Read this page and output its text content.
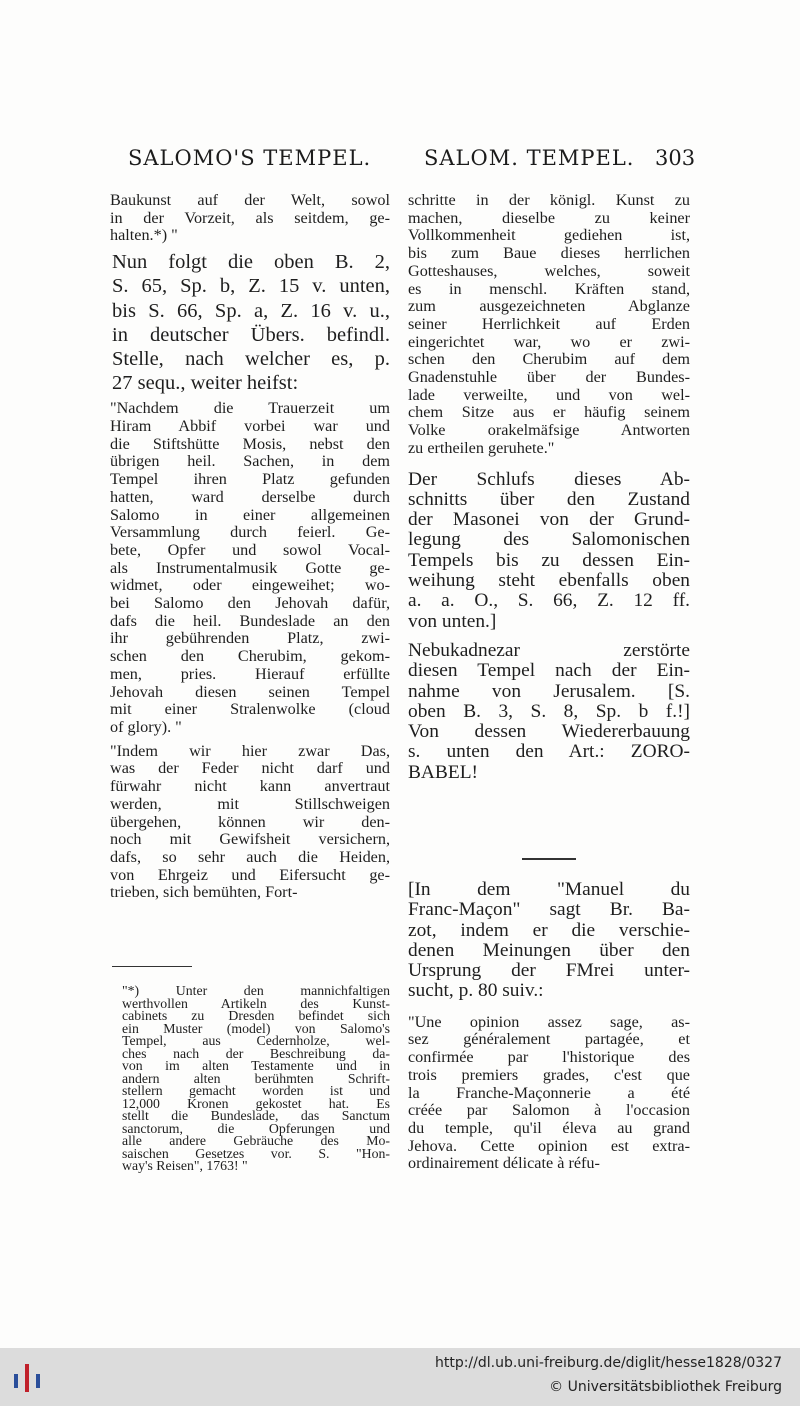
SALOMO'S TEMPEL.	SALOM. TEMPEL. 303
Baukunst auf der Welt, sowol
in der Vorzeit, als seitdem, ge-
halten.*) "
Nun folgt die oben B. 2,
S. 65, Sp. b, Z. 15 v. unten,
bis S. 66, Sp. a, Z. 16 v. u.,
in deutscher Übers. befindl.
Stelle, nach welcher es, p.
27 sequ., weiter heifst:
"Nachdem die Trauerzeit um
Hiram Abbif vorbei war und
die Stiftshütte Mosis, nebst den
übrigen heil. Sachen, in dem
Tempel ihren Platz gefunden
hatten, ward derselbe durch
Salomo in einer allgemeinen
Versammlung durch feierl. Ge-
bete, Opfer und sowol Vocal-
als Instrumentalmusik Gotte ge-
widmet, oder eingeweihet; wo-
bei Salomo den Jehovah dafür,
dafs die heil. Bundeslade an den
ihr gebührenden Platz, zwi-
schen den Cherubim, gekom-
men, pries. Hierauf erfüllte
Jehovah diesen seinen Tempel
mit einer Stralenwolke (cloud
of glory). "
"Indem wir hier zwar Das,
was der Feder nicht darf und
fürwahr nicht kann anvertraut
werden, mit Stillschweigen
übergehen, können wir den-
noch mit Gewifsheit versichern,
dafs, so sehr auch die Heiden,
von Ehrgeiz und Eifersucht ge-
trieben, sich bemühten, Fort-
"*) Unter den mannichfaltigen
werthvollen Artikeln des Kunst-
cabinets zu Dresden befindet sich
ein Muster (model) von Salomo's
Tempel, aus Cedernholze, wel-
ches nach der Beschreibung da-
von im alten Testamente und in
andern alten berühmten Schrift-
stellern gemacht worden ist und
12,000 Kronen gekostet hat. Es
stellt die Bundeslade, das Sanctum
sanctorum, die Opferungen und
alle andere Gebräuche des Mo-
saischen Gesetzes vor. S. "Hon-
way's Reisen", 1763! "
schritte in der königl. Kunst zu
machen, dieselbe zu keiner
Vollkommenheit gediehen ist,
bis zum Baue dieses herrlichen
Gotteshauses, welches, soweit
es in menschl. Kräften stand,
zum ausgezeichneten Abglanze
seiner Herrlichkeit auf Erden
eingerichtet war, wo er zwi-
schen den Cherubim auf dem
Gnadenstuhle über der Bundes-
lade verweilte, und von wel-
chem Sitze aus er häufig seinem
Volke orakelmäfsige Antworten
zu ertheilen geruhete."
Der Schlufs dieses Ab-
schnitts über den Zustand
der Masonei von der Grund-
legung des Salomonischen
Tempels bis zu dessen Ein-
weihung steht ebenfalls oben
a. a. O., S. 66, Z. 12 ff.
von unten.]
Nebukadnezar zerstörte
diesen Tempel nach der Ein-
nahme von Jerusalem. [S.
oben B. 3, S. 8, Sp. b f.!]
Von dessen Wiedererbauung
s. unten den Art.: ZORO-
BABEL!
[In dem "Manuel du
Franc-Maçon" sagt Br. Ba-
zot, indem er die verschie-
denen Meinungen über den
Ursprung der FMrei unter-
sucht, p. 80 suiv.:
"Une opinion assez sage, as-
sez généralement partagée, et
confirmée par l'historique des
trois premiers grades, c'est que
la Franche-Maçonnerie a été
créée par Salomon à l'occasion
du temple, qu'il éleva au grand
Jehova. Cette opinion est extra-
ordinairement délicate à réfu-
http://dl.ub.uni-freiburg.de/diglit/hesse1828/0327
© Universitätsbibliothek Freiburg
